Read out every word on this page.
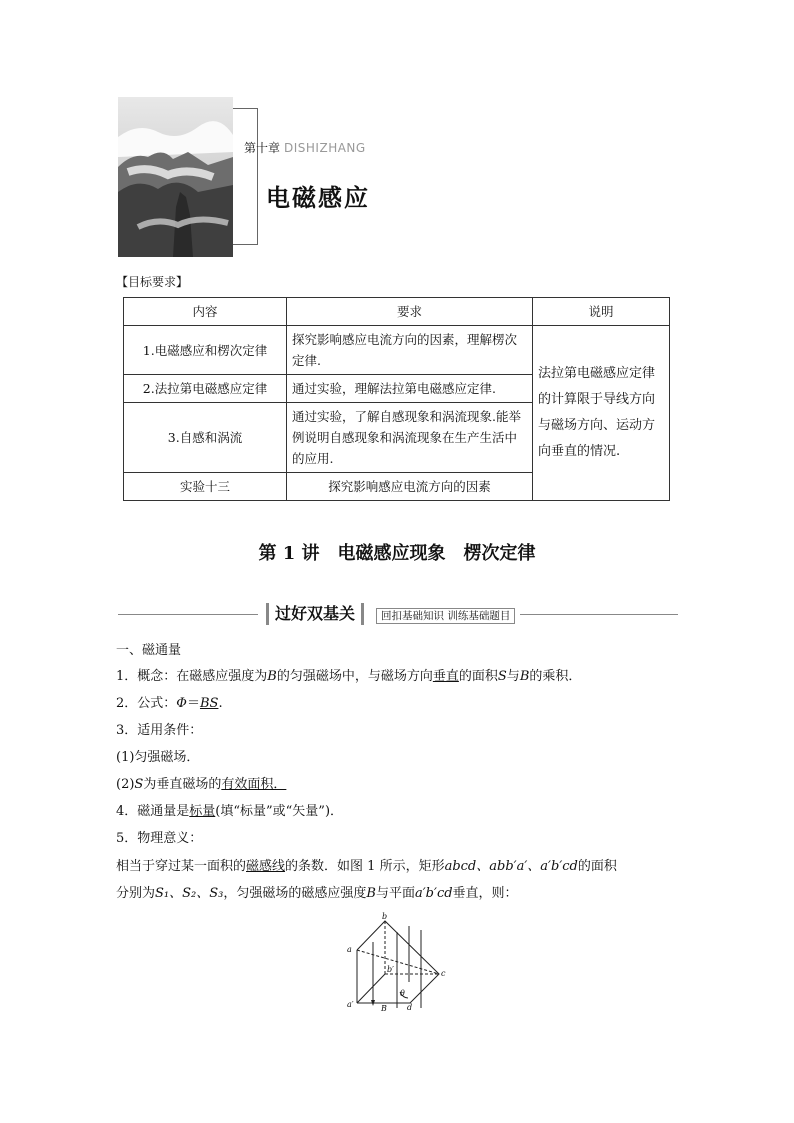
第十章 DISHIZHANG
电磁感应
【目标要求】
内容	要求	说明
1.电磁感应和楞次定律	探究影响感应电流方向的因素，理解楞次定律.	法拉第电磁感应定律的计算限于导线方向与磁场方向、运动方向垂直的情况.
2.法拉第电磁感应定律	通过实验，理解法拉第电磁感应定律.	
3.自感和涡流	通过实验，了解自感现象和涡流现象.能举例说明自感现象和涡流现象在生产生活中的应用.	
实验十三	探究影响感应电流方向的因素	
第 1 讲　电磁感应现象　楞次定律
过好双基关	回扣基础知识 训练基础题目
一、磁通量
1．概念：在磁感应强度为B的匀强磁场中，与磁场方向垂直的面积S与B的乘积．
2．公式：Φ＝BS.
3．适用条件：
(1)匀强磁场．
(2)S为垂直磁场的有效面积．
4．磁通量是标量(填“标量”或“矢量”)．
5．物理意义：
相当于穿过某一面积的磁感线的条数．如图 1 所示，矩形abcd、abb′a′、a′b′cd的面积
分别为S₁、S₂、S₃，匀强磁场的磁感应强度B与平面a′b′cd垂直，则：
a
b
b′	c
a′	d
θ
B
